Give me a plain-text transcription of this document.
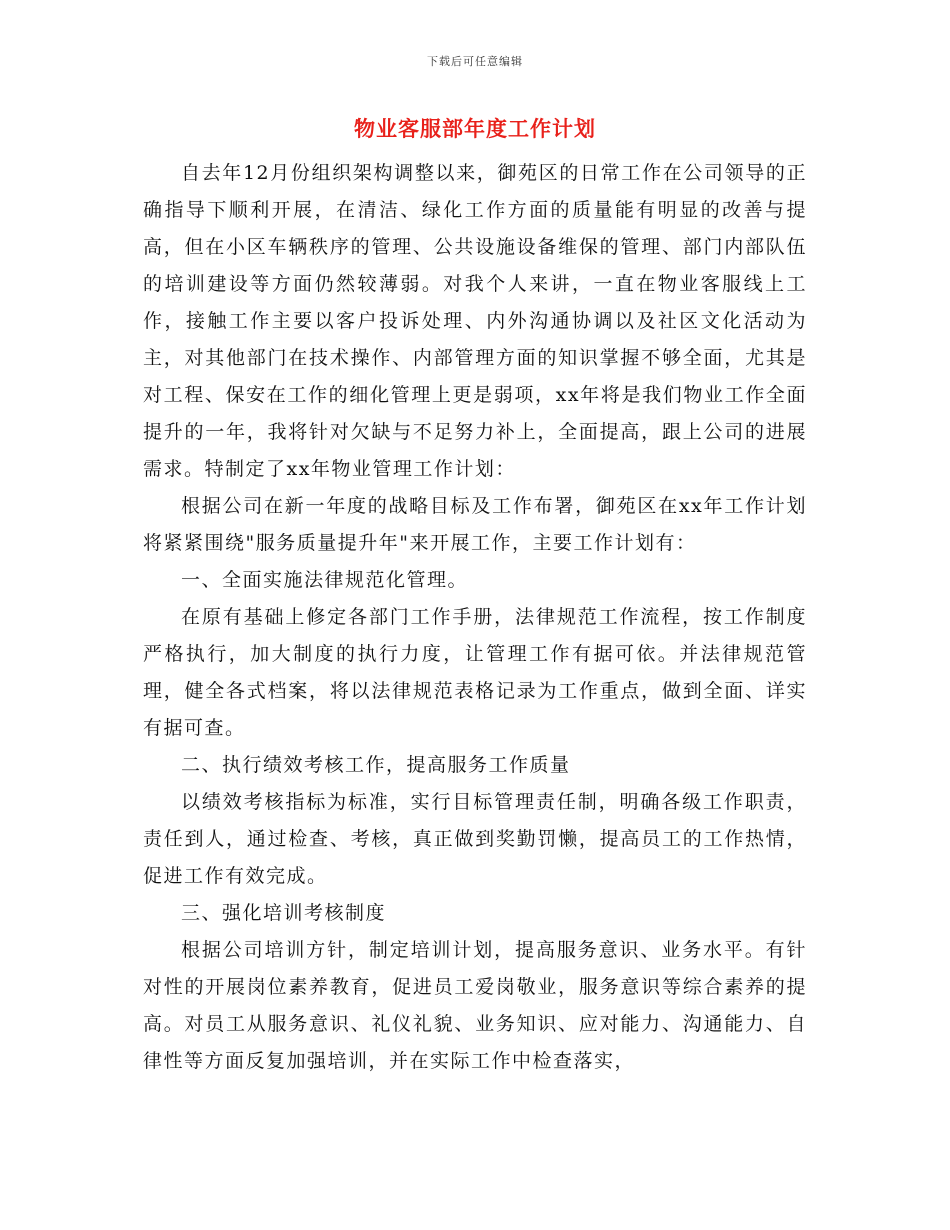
下载后可任意编辑
物业客服部年度工作计划

自去年12月份组织架构调整以来，御苑区的日常工作在公司领导的正确指导下顺利开展，在清洁、绿化工作方面的质量能有明显的改善与提高，但在小区车辆秩序的管理、公共设施设备维保的管理、部门内部队伍的培训建设等方面仍然较薄弱。对我个人来讲，一直在物业客服线上工作，接触工作主要以客户投诉处理、内外沟通协调以及社区文化活动为主，对其他部门在技术操作、内部管理方面的知识掌握不够全面，尤其是对工程、保安在工作的细化管理上更是弱项，xx年将是我们物业工作全面提升的一年，我将针对欠缺与不足努力补上，全面提高，跟上公司的进展需求。特制定了xx年物业管理工作计划：

根据公司在新一年度的战略目标及工作布署，御苑区在xx年工作计划将紧紧围绕"服务质量提升年"来开展工作，主要工作计划有：

一、全面实施法律规范化管理。

在原有基础上修定各部门工作手册，法律规范工作流程，按工作制度严格执行，加大制度的执行力度，让管理工作有据可依。并法律规范管理，健全各式档案，将以法律规范表格记录为工作重点，做到全面、详实有据可查。

二、执行绩效考核工作，提高服务工作质量

以绩效考核指标为标准，实行目标管理责任制，明确各级工作职责，责任到人，通过检查、考核，真正做到奖勤罚懒，提高员工的工作热情，促进工作有效完成。

三、强化培训考核制度

根据公司培训方针，制定培训计划，提高服务意识、业务水平。有针对性的开展岗位素养教育，促进员工爱岗敬业，服务意识等综合素养的提高。对员工从服务意识、礼仪礼貌、业务知识、应对能力、沟通能力、自律性等方面反复加强培训，并在实际工作中检查落实，
